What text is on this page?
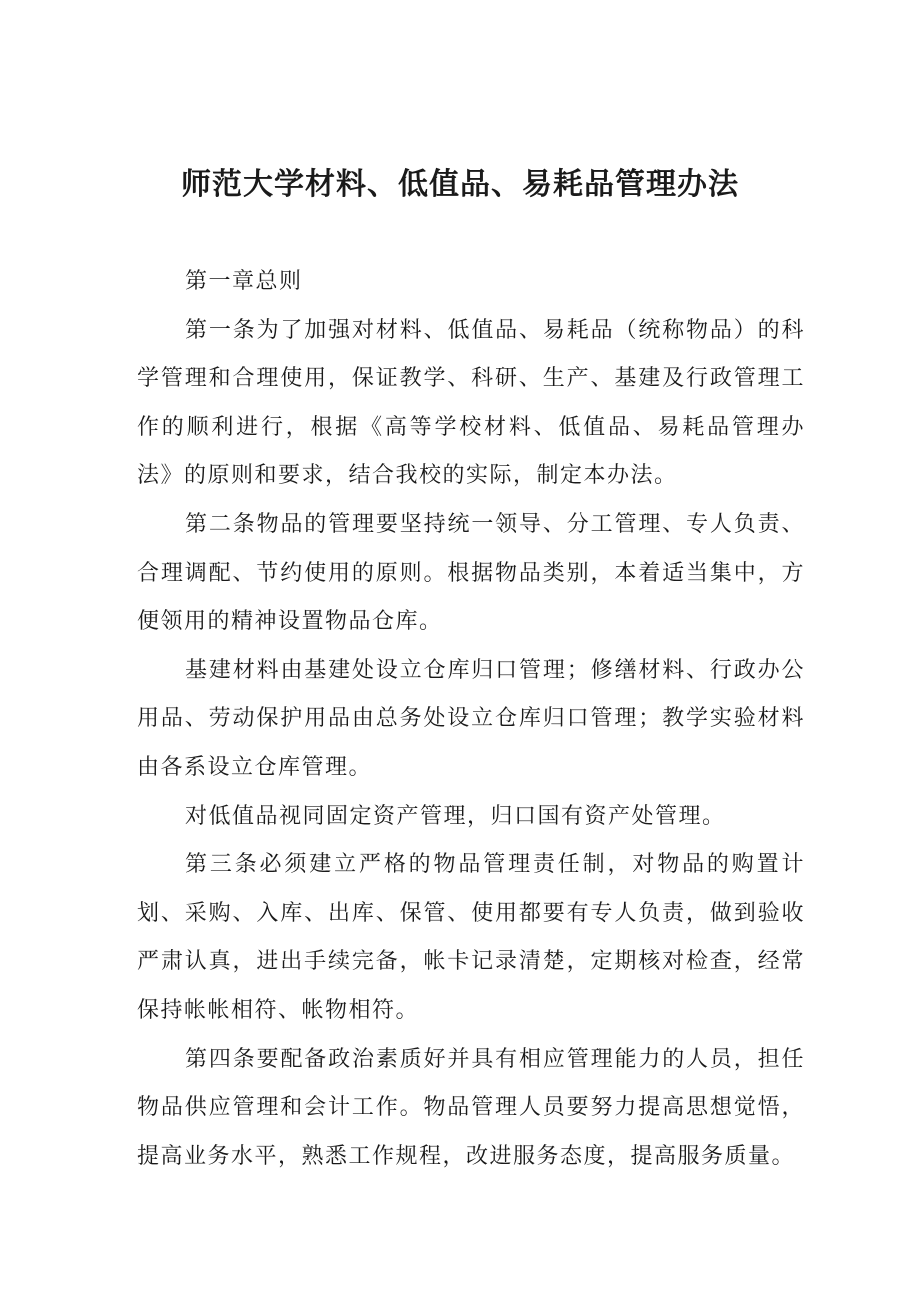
师范大学材料、低值品、易耗品管理办法

第一章总则

第一条为了加强对材料、低值品、易耗品（统称物品）的科学管理和合理使用，保证教学、科研、生产、基建及行政管理工作的顺利进行，根据《高等学校材料、低值品、易耗品管理办法》的原则和要求，结合我校的实际，制定本办法。

第二条物品的管理要坚持统一领导、分工管理、专人负责、合理调配、节约使用的原则。根据物品类别，本着适当集中，方便领用的精神设置物品仓库。

基建材料由基建处设立仓库归口管理；修缮材料、行政办公用品、劳动保护用品由总务处设立仓库归口管理；教学实验材料由各系设立仓库管理。

对低值品视同固定资产管理，归口国有资产处管理。

第三条必须建立严格的物品管理责任制，对物品的购置计划、采购、入库、出库、保管、使用都要有专人负责，做到验收严肃认真，进出手续完备，帐卡记录清楚，定期核对检查，经常保持帐帐相符、帐物相符。

第四条要配备政治素质好并具有相应管理能力的人员，担任物品供应管理和会计工作。物品管理人员要努力提高思想觉悟，提高业务水平，熟悉工作规程，改进服务态度，提高服务质量。
